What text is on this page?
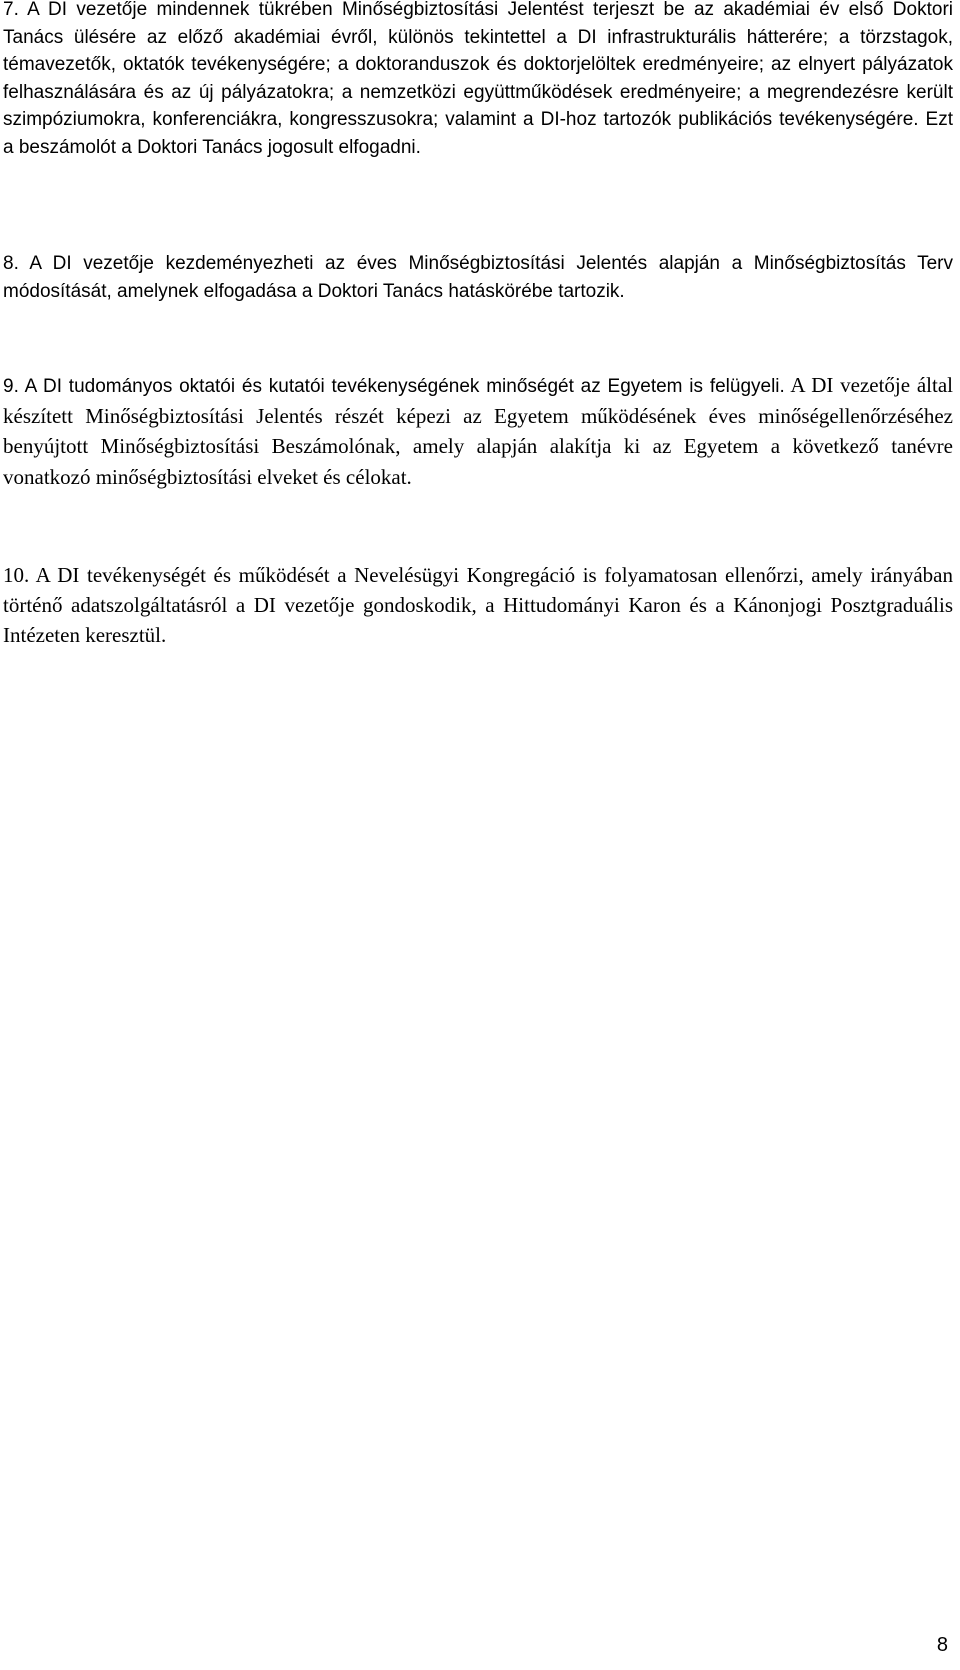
7. A DI vezetője mindennek tükrében Minőségbiztosítási Jelentést terjeszt be az akadémiai év első Doktori Tanács ülésére az előző akadémiai évről, különös tekintettel a DI infrastrukturális hátterére; a törzstagok, témavezetők, oktatók tevékenységére; a doktoranduszok és doktorjelöltek eredményeire; az elnyert pályázatok felhasználására és az új pályázatokra; a nemzetközi együttműködések eredményeire; a megrendezésre került szimpóziumokra, konferenciákra, kongresszusokra; valamint a DI-hoz tartozók publikációs tevékenységére. Ezt a beszámolót a Doktori Tanács jogosult elfogadni.

8. A DI vezetője kezdeményezheti az éves Minőségbiztosítási Jelentés alapján a Minőségbiztosítás Terv módosítását, amelynek elfogadása a Doktori Tanács hatáskörébe tartozik.

9. A DI tudományos oktatói és kutatói tevékenységének minőségét az Egyetem is felügyeli. A DI vezetője által készített Minőségbiztosítási Jelentés részét képezi az Egyetem működésének éves minőségellenőrzéséhez benyújtott Minőségbiztosítási Beszámolónak, amely alapján alakítja ki az Egyetem a következő tanévre vonatkozó minőségbiztosítási elveket és célokat.

10. A DI tevékenységét és működését a Nevelésügyi Kongregáció is folyamatosan ellenőrzi, amely irányában történő adatszolgáltatásról a DI vezetője gondoskodik, a Hittudományi Karon és a Kánonjogi Posztgraduális Intézeten keresztül.

8
